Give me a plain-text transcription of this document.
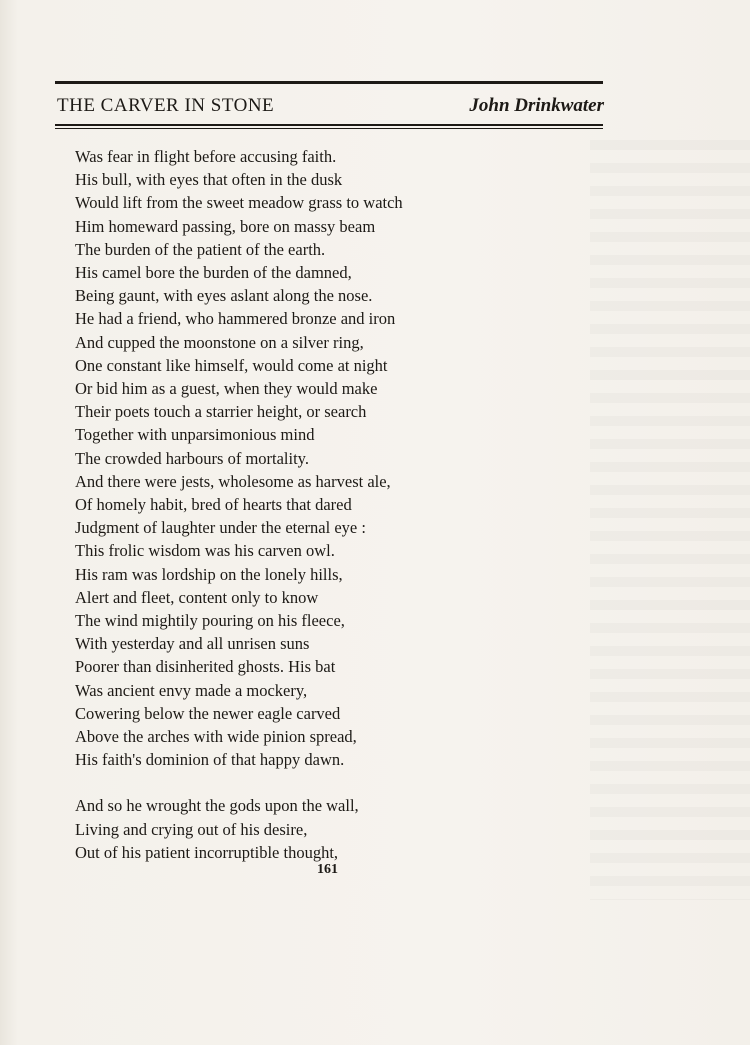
THE CARVER IN STONE	John Drinkwater

Was fear in flight before accusing faith.
His bull, with eyes that often in the dusk
Would lift from the sweet meadow grass to watch
Him homeward passing, bore on massy beam
The burden of the patient of the earth.
His camel bore the burden of the damned,
Being gaunt, with eyes aslant along the nose.
He had a friend, who hammered bronze and iron
And cupped the moonstone on a silver ring,
One constant like himself, would come at night
Or bid him as a guest, when they would make
Their poets touch a starrier height, or search
Together with unparsimonious mind
The crowded harbours of mortality.
And there were jests, wholesome as harvest ale,
Of homely habit, bred of hearts that dared
Judgment of laughter under the eternal eye :
This frolic wisdom was his carven owl.
His ram was lordship on the lonely hills,
Alert and fleet, content only to know
The wind mightily pouring on his fleece,
With yesterday and all unrisen suns
Poorer than disinherited ghosts. His bat
Was ancient envy made a mockery,
Cowering below the newer eagle carved
Above the arches with wide pinion spread,
His faith's dominion of that happy dawn.
And so he wrought the gods upon the wall,
Living and crying out of his desire,
Out of his patient incorruptible thought,
161
